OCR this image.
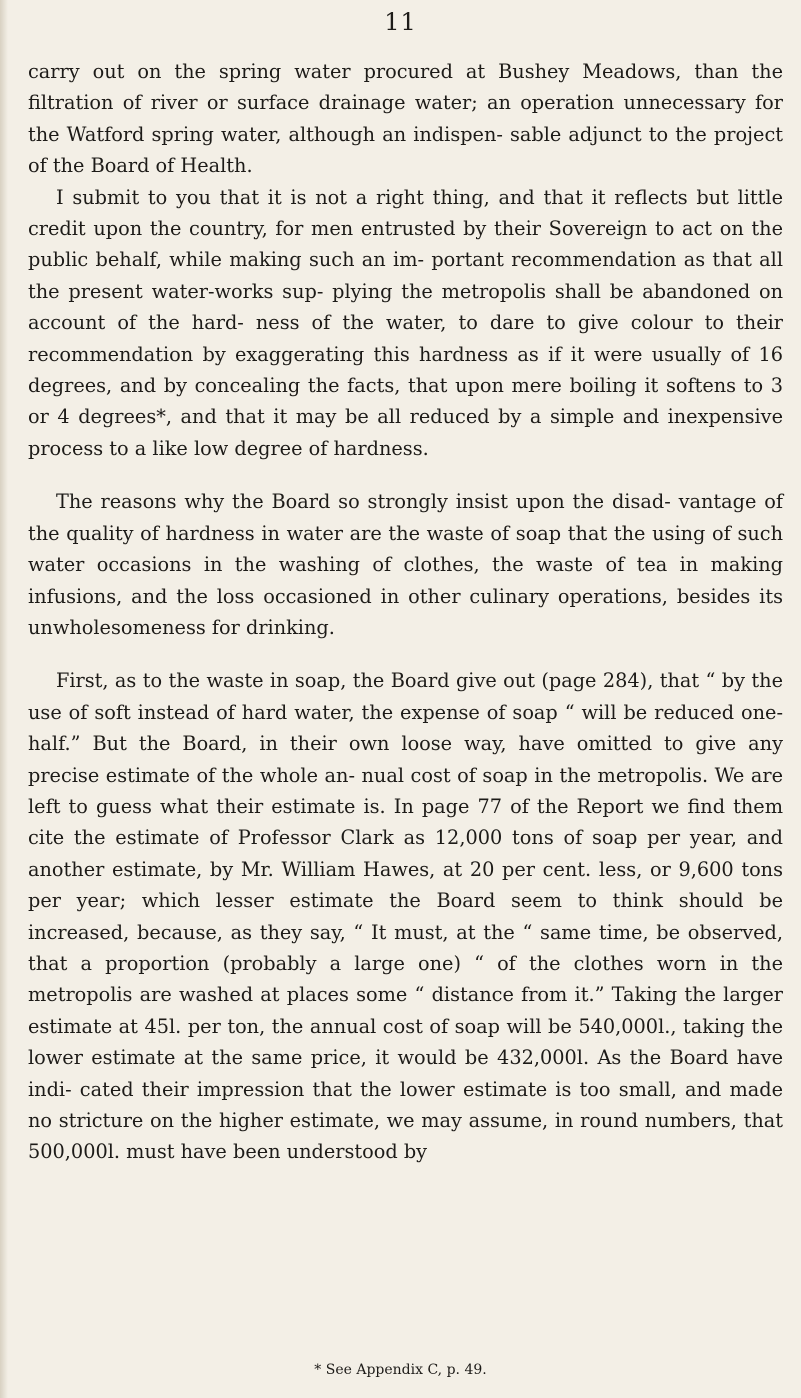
11

carry out on the spring water procured at Bushey Meadows, than the filtration of river or surface drainage water; an operation unnecessary for the Watford spring water, although an indispen- sable adjunct to the project of the Board of Health.

I submit to you that it is not a right thing, and that it reflects but little credit upon the country, for men entrusted by their Sovereign to act on the public behalf, while making such an im- portant recommendation as that all the present water-works sup- plying the metropolis shall be abandoned on account of the hard- ness of the water, to dare to give colour to their recommendation by exaggerating this hardness as if it were usually of 16 degrees, and by concealing the facts, that upon mere boiling it softens to 3 or 4 degrees*, and that it may be all reduced by a simple and inexpensive process to a like low degree of hardness.

The reasons why the Board so strongly insist upon the disad- vantage of the quality of hardness in water are the waste of soap that the using of such water occasions in the washing of clothes, the waste of tea in making infusions, and the loss occasioned in other culinary operations, besides its unwholesomeness for drinking.

First, as to the waste in soap, the Board give out (page 284), that “ by the use of soft instead of hard water, the expense of soap “ will be reduced one-half.” But the Board, in their own loose way, have omitted to give any precise estimate of the whole an- nual cost of soap in the metropolis. We are left to guess what their estimate is. In page 77 of the Report we find them cite the estimate of Professor Clark as 12,000 tons of soap per year, and another estimate, by Mr. William Hawes, at 20 per cent. less, or 9,600 tons per year; which lesser estimate the Board seem to think should be increased, because, as they say, “ It must, at the “ same time, be observed, that a proportion (probably a large one) “ of the clothes worn in the metropolis are washed at places some “ distance from it.” Taking the larger estimate at 45l. per ton, the annual cost of soap will be 540,000l., taking the lower estimate at the same price, it would be 432,000l. As the Board have indi- cated their impression that the lower estimate is too small, and made no stricture on the higher estimate, we may assume, in round numbers, that 500,000l. must have been understood by

* See Appendix C, p. 49.
